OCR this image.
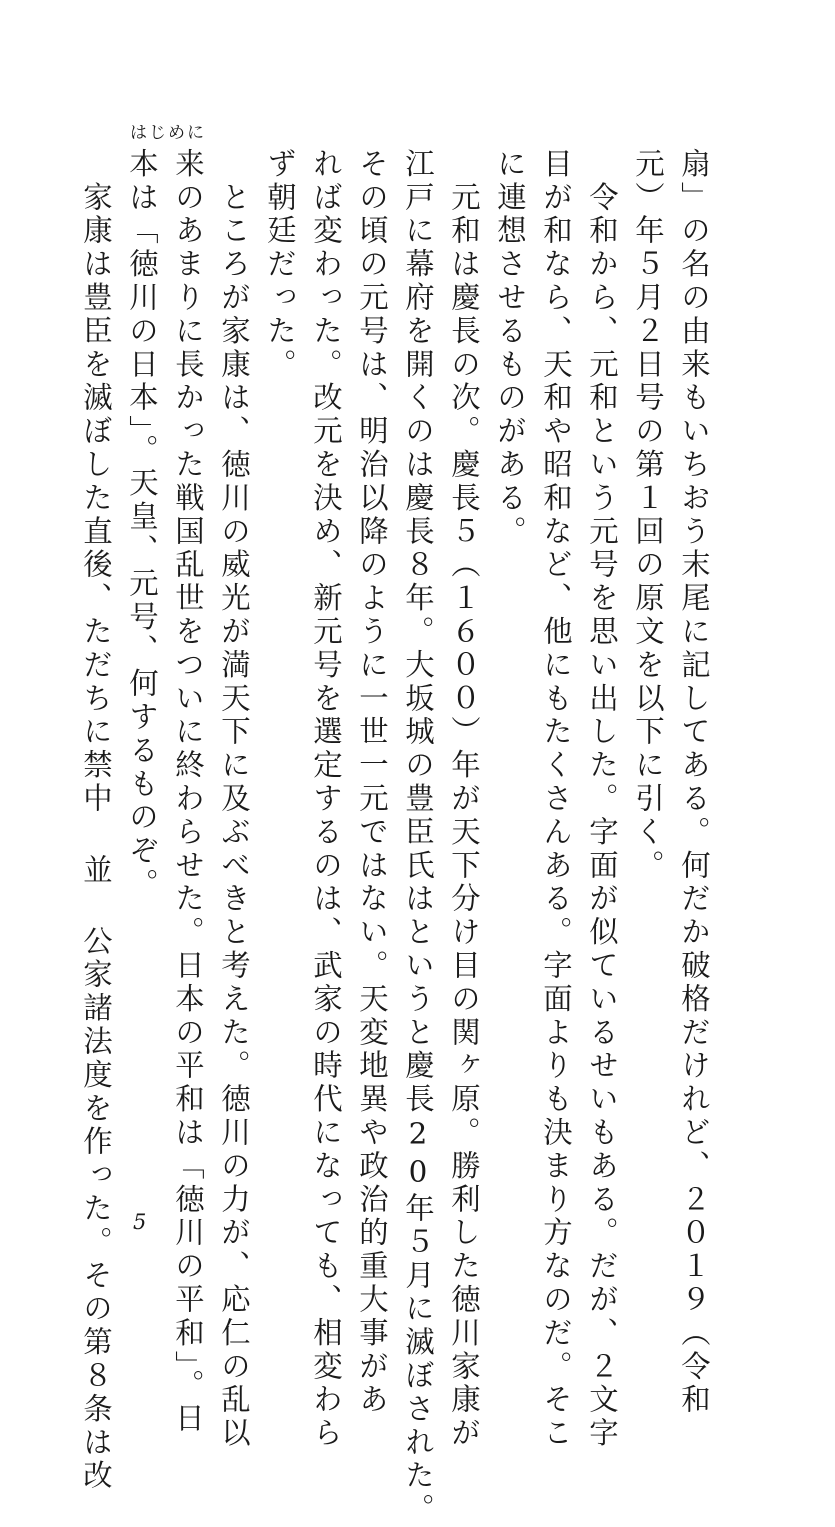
はじめに
扇」の名の由来もいちおう末尾に記してある。何だか破格だけれど、２０１９（令和
元）年５月２日号の第１回の原文を以下に引く。
　令和から、元和という元号を思い出した。字面が似ているせいもある。だが、２文字
目が和なら、天和や昭和など、他にもたくさんある。字面よりも決まり方なのだ。そこ
に連想させるものがある。
　元和は慶長の次。慶長５（１６００）年が天下分け目の関ヶ原。勝利した徳川家康が
江戸に幕府を開くのは慶長８年。大坂城の豊臣氏はというと慶長20年５月に滅ぼされた。
その頃の元号は、明治以降のように一世一元ではない。天変地異や政治的重大事があ
れば変わった。改元を決め、新元号を選定するのは、武家の時代になっても、相変わら
ず朝廷だった。
　ところが家康は、徳川の威光が満天下に及ぶべきと考えた。徳川の力が、応仁の乱以
来のあまりに長かった戦国乱世をついに終わらせた。日本の平和は「徳川の平和」。日
本は「徳川の日本」。天皇、元号、何するものぞ。
　家康は豊臣を滅ぼした直後、ただちに禁中 並 公家諸法度を作った。その第８条は改 5
